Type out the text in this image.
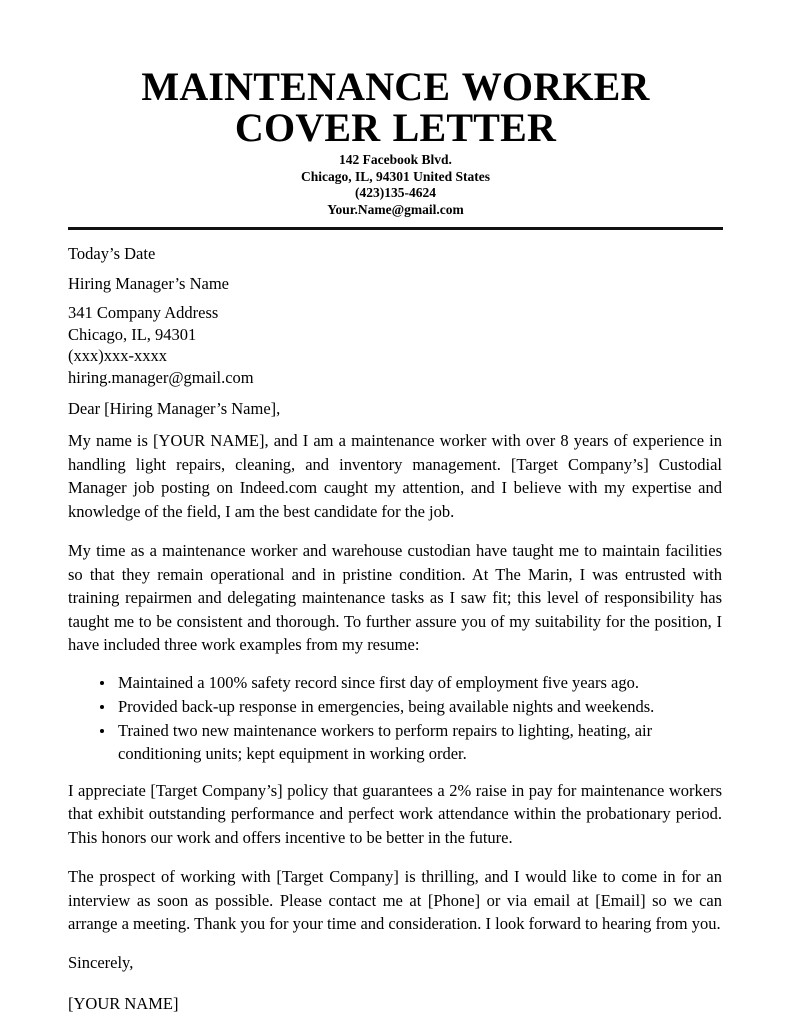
MAINTENANCE WORKER COVER LETTER
142 Facebook Blvd.
Chicago, IL, 94301 United States
(423)135-4624
Your.Name@gmail.com
Today’s Date
Hiring Manager’s Name
341 Company Address
Chicago, IL, 94301
(xxx)xxx-xxxx
hiring.manager@gmail.com
Dear [Hiring Manager’s Name],

My name is [YOUR NAME], and I am a maintenance worker with over 8 years of experience in handling light repairs, cleaning, and inventory management. [Target Company’s] Custodial Manager job posting on Indeed.com caught my attention, and I believe with my expertise and knowledge of the field, I am the best candidate for the job.

My time as a maintenance worker and warehouse custodian have taught me to maintain facilities so that they remain operational and in pristine condition. At The Marin, I was entrusted with training repairmen and delegating maintenance tasks as I saw fit; this level of responsibility has taught me to be consistent and thorough. To further assure you of my suitability for the position, I have included three work examples from my resume:

Maintained a 100% safety record since first day of employment five years ago.
Provided back-up response in emergencies, being available nights and weekends.
Trained two new maintenance workers to perform repairs to lighting, heating, air conditioning units; kept equipment in working order.

I appreciate [Target Company’s] policy that guarantees a 2% raise in pay for maintenance workers that exhibit outstanding performance and perfect work attendance within the probationary period. This honors our work and offers incentive to be better in the future.

The prospect of working with [Target Company] is thrilling, and I would like to come in for an interview as soon as possible. Please contact me at [Phone] or via email at [Email] so we can arrange a meeting. Thank you for your time and consideration. I look forward to hearing from you.

Sincerely,
[YOUR NAME]
